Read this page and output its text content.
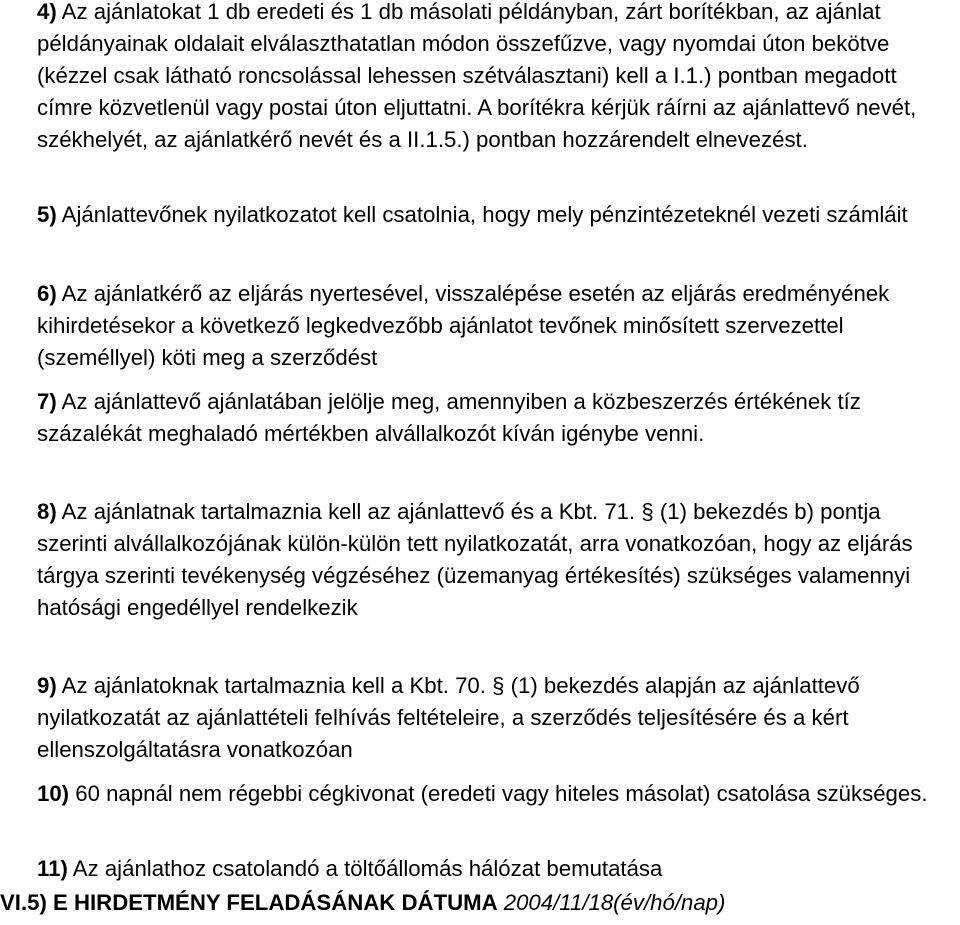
4) Az ajánlatokat 1 db eredeti és 1 db másolati példányban, zárt borítékban, az ajánlat példányainak oldalait elválaszthatatlan módon összefűzve, vagy nyomdai úton bekötve (kézzel csak látható roncsolással lehessen szétválasztani) kell a I.1.) pontban megadott címre közvetlenül vagy postai úton eljuttatni. A borítékra kérjük ráírni az ajánlattevő nevét, székhelyét, az ajánlatkérő nevét és a II.1.5.) pontban hozzárendelt elnevezést.

5) Ajánlattevőnek nyilatkozatot kell csatolnia, hogy mely pénzintézeteknél vezeti számláit

6) Az ajánlatkérő az eljárás nyertesével, visszalépése esetén az eljárás eredményének kihirdetésekor a következő legkedvezőbb ajánlatot tevőnek minősített szervezettel (személlyel) köti meg a szerződést

7) Az ajánlattevő ajánlatában jelölje meg, amennyiben a közbeszerzés értékének tíz százalékát meghaladó mértékben alvállalkozót kíván igénybe venni.

8) Az ajánlatnak tartalmaznia kell az ajánlattevő és a Kbt. 71. § (1) bekezdés b) pontja szerinti alvállalkozójának külön-külön tett nyilatkozatát, arra vonatkozóan, hogy az eljárás tárgya szerinti tevékenység végzéséhez (üzemanyag értékesítés) szükséges valamennyi hatósági engedéllyel rendelkezik

9) Az ajánlatoknak tartalmaznia kell a Kbt. 70. § (1) bekezdés alapján az ajánlattevő nyilatkozatát az ajánlattételi felhívás feltételeire, a szerződés teljesítésére és a kért ellenszolgáltatásra vonatkozóan

10) 60 napnál nem régebbi cégkivonat (eredeti vagy hiteles másolat) csatolása szükséges.

11) Az ajánlathoz csatolandó a töltőállomás hálózat bemutatása

VI.5) E HIRDETMÉNY FELADÁSÁNAK DÁTUMA 2004/11/18(év/hó/nap)
